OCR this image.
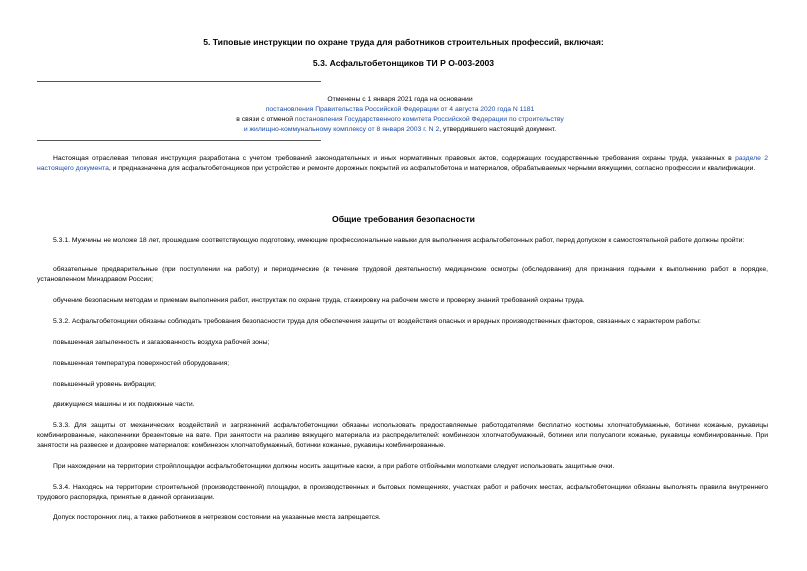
5. Типовые инструкции по охране труда для работников строительных профессий, включая:
5.3. Асфальтобетонщиков ТИ Р О-003-2003
Отменены с 1 января 2021 года на основании
постановления Правительства Российской Федерации от 4 августа 2020 года N 1181
в связи с отменой постановления Государственного комитета Российской Федерации по строительству
и жилищно-коммунальному комплексу от 8 января 2003 г. N 2, утвердившего настоящий документ.
Настоящая отраслевая типовая инструкция разработана с учетом требований законодательных и иных нормативных правовых актов, содержащих государственные требования охраны труда, указанных в разделе 2 настоящего документа, и предназначена для асфальтобетонщиков при устройстве и ремонте дорожных покрытий из асфальтобетона и материалов, обрабатываемых черными вяжущими, согласно профессии и квалификации.
Общие требования безопасности
5.3.1. Мужчины не моложе 18 лет, прошедшие соответствующую подготовку, имеющие профессиональные навыки для выполнения асфальтобетонных работ, перед допуском к самостоятельной работе должны пройти:
обязательные предварительные (при поступлении на работу) и периодические (в течение трудовой деятельности) медицинские осмотры (обследования) для признания годными к выполнению работ в порядке, установленном Минздравом России;
обучение безопасным методам и приемам выполнения работ, инструктаж по охране труда, стажировку на рабочем месте и проверку знаний требований охраны труда.
5.3.2. Асфальтобетонщики обязаны соблюдать требования безопасности труда для обеспечения защиты от воздействия опасных и вредных производственных факторов, связанных с характером работы:
повышенная запыленность и загазованность воздуха рабочей зоны;
повышенная температура поверхностей оборудования;
повышенный уровень вибрации;
движущиеся машины и их подвижные части.
5.3.3. Для защиты от механических воздействий и загрязнений асфальтобетонщики обязаны использовать предоставляемые работодателями бесплатно костюмы хлопчатобумажные, ботинки кожаные, рукавицы комбинированные, наколенники брезентовые на вате. При занятости на разливе вяжущего материала из распределителей: комбинезон хлопчатобумажный, ботинки или полусапоги кожаные, рукавицы комбинированные. При занятости на развеске и дозировке материалов: комбинезон хлопчатобумажный, ботинки кожаные, рукавицы комбинированные.
При нахождении на территории стройплощадки асфальтобетонщики должны носить защитные каски, а при работе отбойными молотками следует использовать защитные очки.
5.3.4. Находясь на территории строительной (производственной) площадки, в производственных и бытовых помещениях, участках работ и рабочих местах, асфальтобетонщики обязаны выполнять правила внутреннего трудового распорядка, принятые в данной организации.
Допуск посторонних лиц, а также работников в нетрезвом состоянии на указанные места запрещается.
